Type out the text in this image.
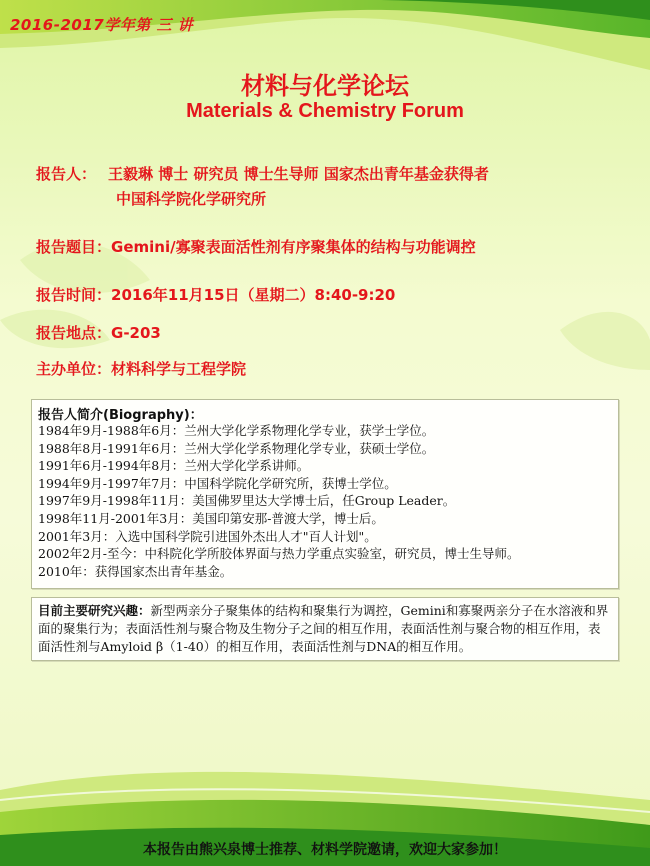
2016-2017学年第 三 讲
材料与化学论坛
Materials & Chemistry Forum
报告人： 王毅琳 博士 研究员 博士生导师 国家杰出青年基金获得者
中国科学院化学研究所
报告题目：Gemini/寡聚表面活性剂有序聚集体的结构与功能调控
报告时间：2016年11月15日（星期二）8:40-9:20
报告地点：G-203
主办单位：材料科学与工程学院
报告人简介(Biography)：
1984年9月-1988年6月：兰州大学化学系物理化学专业，获学士学位。
1988年8月-1991年6月：兰州大学化学系物理化学专业，获硕士学位。
1991年6月-1994年8月：兰州大学化学系讲师。
1994年9月-1997年7月：中国科学院化学研究所，获博士学位。
1997年9月-1998年11月：美国佛罗里达大学博士后，任Group Leader。
1998年11月-2001年3月：美国印第安那-普渡大学，博士后。
2001年3月：入选中国科学院引进国外杰出人才"百人计划"。
2002年2月-至今：中科院化学所胶体界面与热力学重点实验室，研究员，博士生导师。
2010年：获得国家杰出青年基金。
目前主要研究兴趣：新型两亲分子聚集体的结构和聚集行为调控，Gemini和寡聚两亲分子在水溶液和界面的聚集行为；表面活性剂与聚合物及生物分子之间的相互作用，表面活性剂与聚合物的相互作用，表面活性剂与Amyloid β（1-40）的相互作用，表面活性剂与DNA的相互作用。
本报告由熊兴泉博士推荐、材料学院邀请，欢迎大家参加！
